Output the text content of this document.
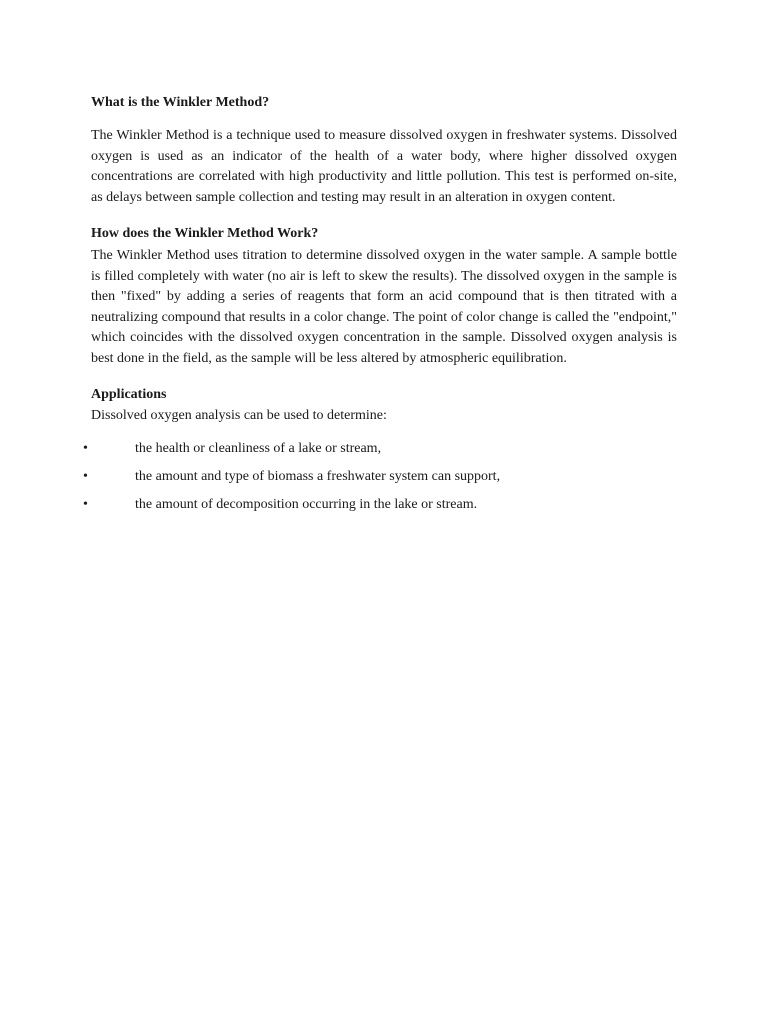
What is the Winkler Method?

The Winkler Method is a technique used to measure dissolved oxygen in freshwater systems. Dissolved oxygen is used as an indicator of the health of a water body, where higher dissolved oxygen concentrations are correlated with high productivity and little pollution. This test is performed on-site, as delays between sample collection and testing may result in an alteration in oxygen content.

How does the Winkler Method Work?

The Winkler Method uses titration to determine dissolved oxygen in the water sample. A sample bottle is filled completely with water (no air is left to skew the results). The dissolved oxygen in the sample is then "fixed" by adding a series of reagents that form an acid compound that is then titrated with a neutralizing compound that results in a color change. The point of color change is called the "endpoint," which coincides with the dissolved oxygen concentration in the sample. Dissolved oxygen analysis is best done in the field, as the sample will be less altered by atmospheric equilibration.

Applications

Dissolved oxygen analysis can be used to determine:

•	the health or cleanliness of a lake or stream,
•	the amount and type of biomass a freshwater system can support,
•	the amount of decomposition occurring in the lake or stream.
